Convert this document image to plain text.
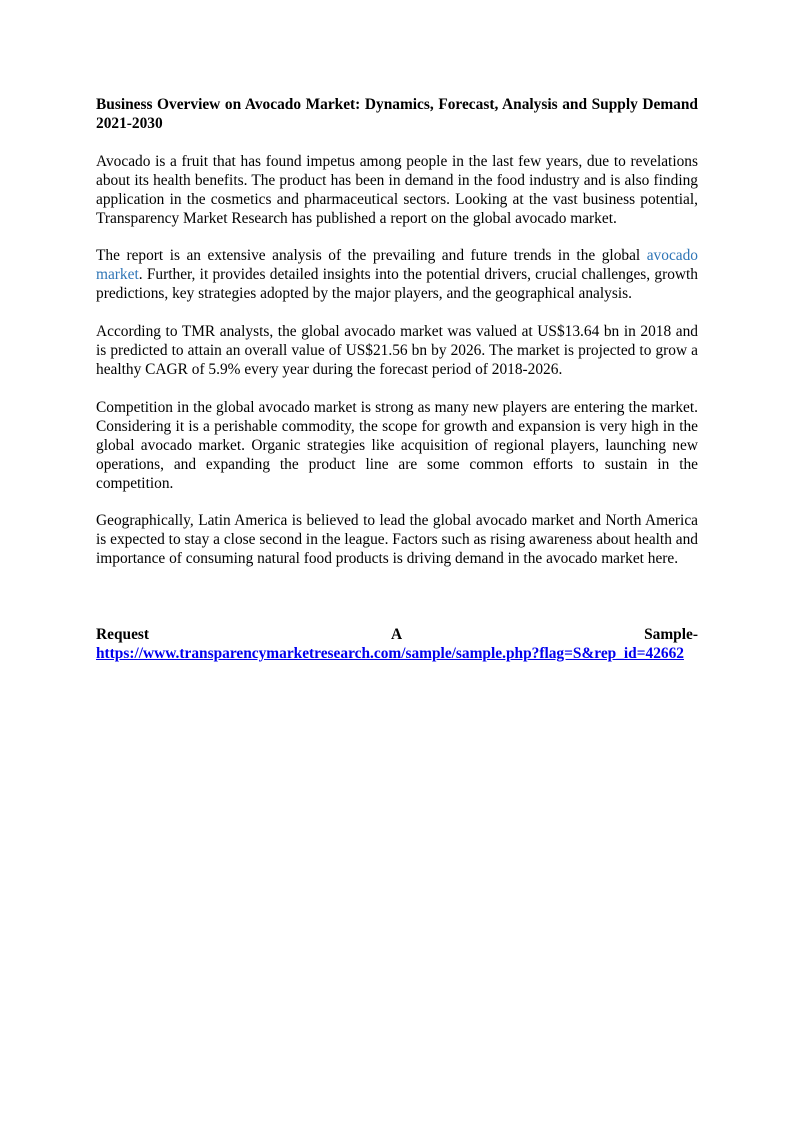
Business Overview on Avocado Market: Dynamics, Forecast, Analysis and Supply Demand 2021-2030

Avocado is a fruit that has found impetus among people in the last few years, due to revelations about its health benefits. The product has been in demand in the food industry and is also finding application in the cosmetics and pharmaceutical sectors. Looking at the vast business potential, Transparency Market Research has published a report on the global avocado market.

The report is an extensive analysis of the prevailing and future trends in the global avocado market. Further, it provides detailed insights into the potential drivers, crucial challenges, growth predictions, key strategies adopted by the major players, and the geographical analysis.

According to TMR analysts, the global avocado market was valued at US$13.64 bn in 2018 and is predicted to attain an overall value of US$21.56 bn by 2026. The market is projected to grow a healthy CAGR of 5.9% every year during the forecast period of 2018-2026.

Competition in the global avocado market is strong as many new players are entering the market. Considering it is a perishable commodity, the scope for growth and expansion is very high in the global avocado market. Organic strategies like acquisition of regional players, launching new operations, and expanding the product line are some common efforts to sustain in the competition.

Geographically, Latin America is believed to lead the global avocado market and North America is expected to stay a close second in the league. Factors such as rising awareness about health and importance of consuming natural food products is driving demand in the avocado market here.

Request	A	Sample-

https://www.transparencymarketresearch.com/sample/sample.php?flag=S&rep_id=42662
